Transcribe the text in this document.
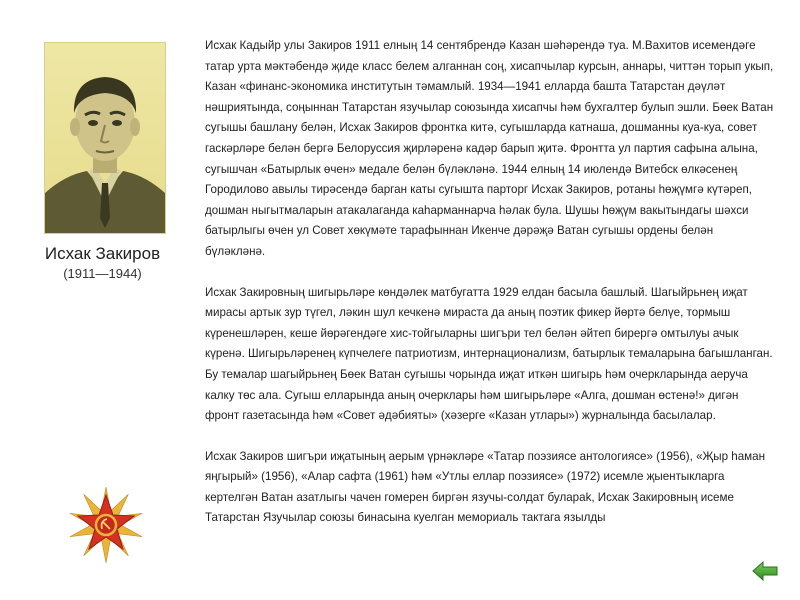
Исхак Закиров
(1911—1944)

Исхак Кадыйр улы Закиров 1911 елның 14 сентябрендә Казан шәһәрендә туа. М.Вахитов исемендәге татар урта мәктәбендә җиде класс белем алганнан соң, хисапчылар курсын, аннары, читтән торып укып, Казан «финанс-экономика институтын тәмамлый. 1934—1941 елларда башта Татарстан дәүләт нәшриятында, соңыннан Татарстан язучылар союзында хисапчы һәм бухгалтер булып эшли. Бөек Ватан сугышы башлану белән, Исхак Закиров фронтка китә, сугышларда катнаша, дошманны куа-куа, совет гаскәрләре белән бергә Белоруссия җирләренә кадәр барып җитә. Фронтта ул партия сафына алына, сугышчан «Батырлык өчен» медале белән бүләкләнә. 1944 елның 14 июлендә Витебск өлкәсенең Городилово авылы тирәсендә барган каты сугышта парторг Исхак Закиров, ротаны һөҗүмгә күтәреп, дошман ныгытмаларын атакалаганда каһарманнарча һәлак була. Шушы һөҗүм вакытындагы шәхси батырлыгы өчен ул Совет хөкүмәте тарафыннан Икенче дәрәҗә Ватан сугышы ордены белән бүләкләнә.

Исхак Закировның шигырьләре көндәлек матбугатта 1929 елдан басыла башлый. Шагыйрьнең иҗат мирасы артык зур түгел, ләкин шул кечкенә мираста да аның поэтик фикер йөртә белүе, тормыш күренешләрен, кеше йөрәгендәге хис-тойгыларны шигъри тел белән әйтеп бирергә омтылуы ачык күренә. Шигырьләренең күпчелеге патриотизм, интернационализм, батырлык темаларына багышланган. Бу темалар шагыйрьнең Бөек Ватан сугышы чорында иҗат иткән шигырь һәм очеркларында аеруча калку төс ала. Сугыш елларында аның очерклары һәм шигырьләре «Алга, дошман өстенә!» дигән фронт газетасында һәм «Совет әдәбияты» (хәзерге «Казан утлары») журналында басылалар.

Исхак Закиров шигъри иҗатының аерым үрнәкләре «Татар поэзиясе антологиясе» (1956), «Җыр һаман яңгырый» (1956), «Алар сафта (1961) һәм «Утлы еллар поэзиясе» (1972) исемле җыентыкларга кертелгән Ватан азатлыгы чачен гомерен биргән язучы-солдат булараk, Исхак Закировның исеме Татарстан Язучылар союзы бинасына куелган мемориаль тактага язылды
